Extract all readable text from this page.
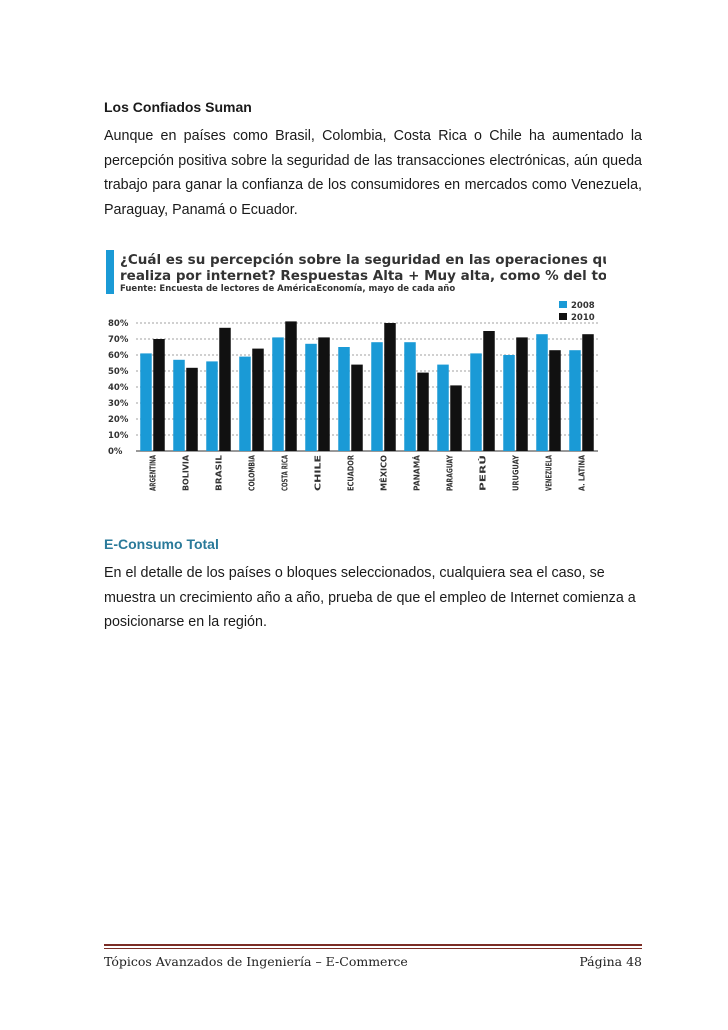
Los Confiados Suman

Aunque en países como Brasil, Colombia, Costa Rica o Chile ha aumentado la percepción positiva sobre la seguridad de las transacciones electrónicas, aún queda trabajo para ganar la confianza de los consumidores en mercados como Venezuela, Paraguay, Panamá o Ecuador.

¿Cuál es su percepción sobre la seguridad en las operaciones que
realiza por internet? Respuestas Alta + Muy alta, como % del total
Fuente: Encuesta de lectores de AméricaEconomía, mayo de cada año
2008
2010
80%
70%
60%
50%
40%
30%
20%
10%
0%	ARGENTINA	BOLIVIA	BRASIL	COLOMBIA	COSTA RICA	CHILE	ECUADOR	MÉXICO	PANAMÁ	PARAGUAY	PERÚ	URUGUAY	VENEZUELA	A. LATINA
E-Consumo Total

En el detalle de los países o bloques seleccionados, cualquiera sea el caso, se muestra un crecimiento año a año, prueba de que el empleo de Internet comienza a posicionarse en la región.

Tópicos Avanzados de Ingeniería – E-Commerce	Página 48
